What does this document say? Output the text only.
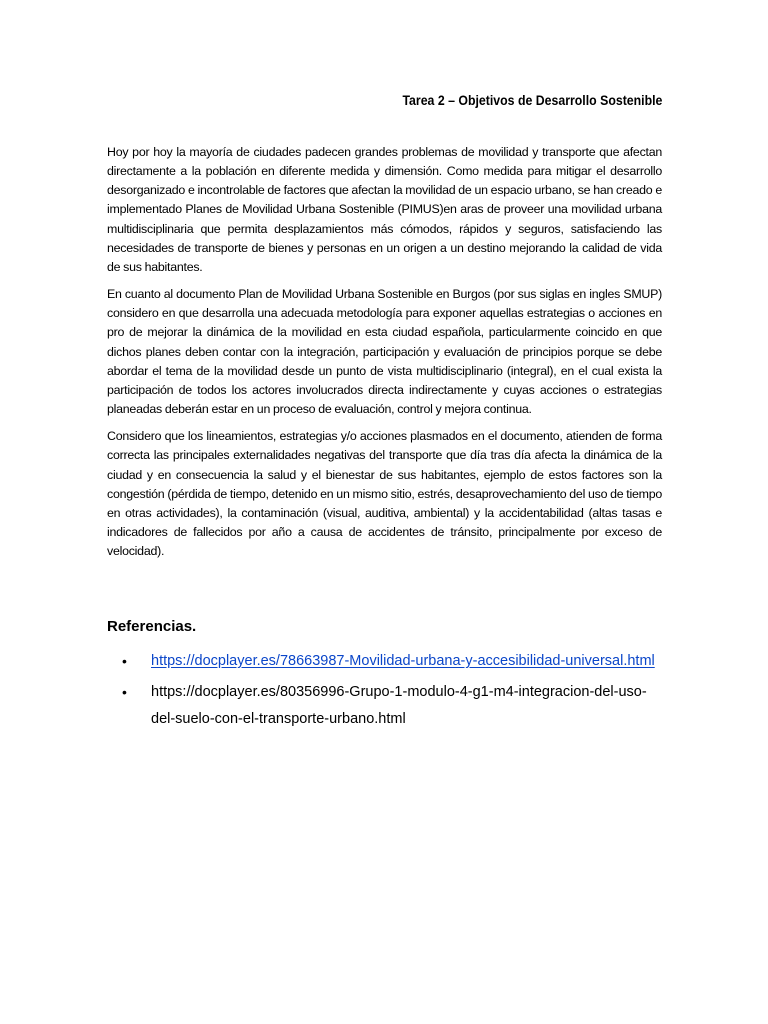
Tarea 2 – Objetivos de Desarrollo Sostenible

Hoy por hoy la mayoría de ciudades padecen grandes problemas de movilidad y transporte que afectan directamente a la población en diferente medida y dimensión. Como medida para mitigar el desarrollo desorganizado e incontrolable de factores que afectan la movilidad de un espacio urbano, se han creado e implementado Planes de Movilidad Urbana Sostenible (PIMUS)en aras de proveer una movilidad urbana multidisciplinaria que permita desplazamientos más cómodos, rápidos y seguros, satisfaciendo las necesidades de transporte de bienes y personas en un origen a un destino mejorando la calidad de vida de sus habitantes.

En cuanto al documento Plan de Movilidad Urbana Sostenible en Burgos (por sus siglas en ingles SMUP) considero en que desarrolla una adecuada metodología para exponer aquellas estrategias o acciones en pro de mejorar la dinámica de la movilidad en esta ciudad española, particularmente coincido en que dichos planes deben contar con la integración, participación y evaluación de principios porque se debe abordar el tema de la movilidad desde un punto de vista multidisciplinario (integral), en el cual exista la participación de todos los actores involucrados directa indirectamente y cuyas acciones o estrategias planeadas deberán estar en un proceso de evaluación, control y mejora continua.

Considero que los lineamientos, estrategias y/o acciones plasmados en el documento, atienden de forma correcta las principales externalidades negativas del transporte que día tras día afecta la dinámica de la ciudad y en consecuencia la salud y el bienestar de sus habitantes, ejemplo de estos factores son la congestión (pérdida de tiempo, detenido en un mismo sitio, estrés, desaprovechamiento del uso de tiempo en otras actividades), la contaminación (visual, auditiva, ambiental) y la accidentabilidad (altas tasas e indicadores de fallecidos por año a causa de accidentes de tránsito, principalmente por exceso de velocidad).

Referencias.
• https://docplayer.es/78663987-Movilidad-urbana-y-accesibilidad-universal.html
• https://docplayer.es/80356996-Grupo-1-modulo-4-g1-m4-integracion-del-uso-del-suelo-con-el-transporte-urbano.html
